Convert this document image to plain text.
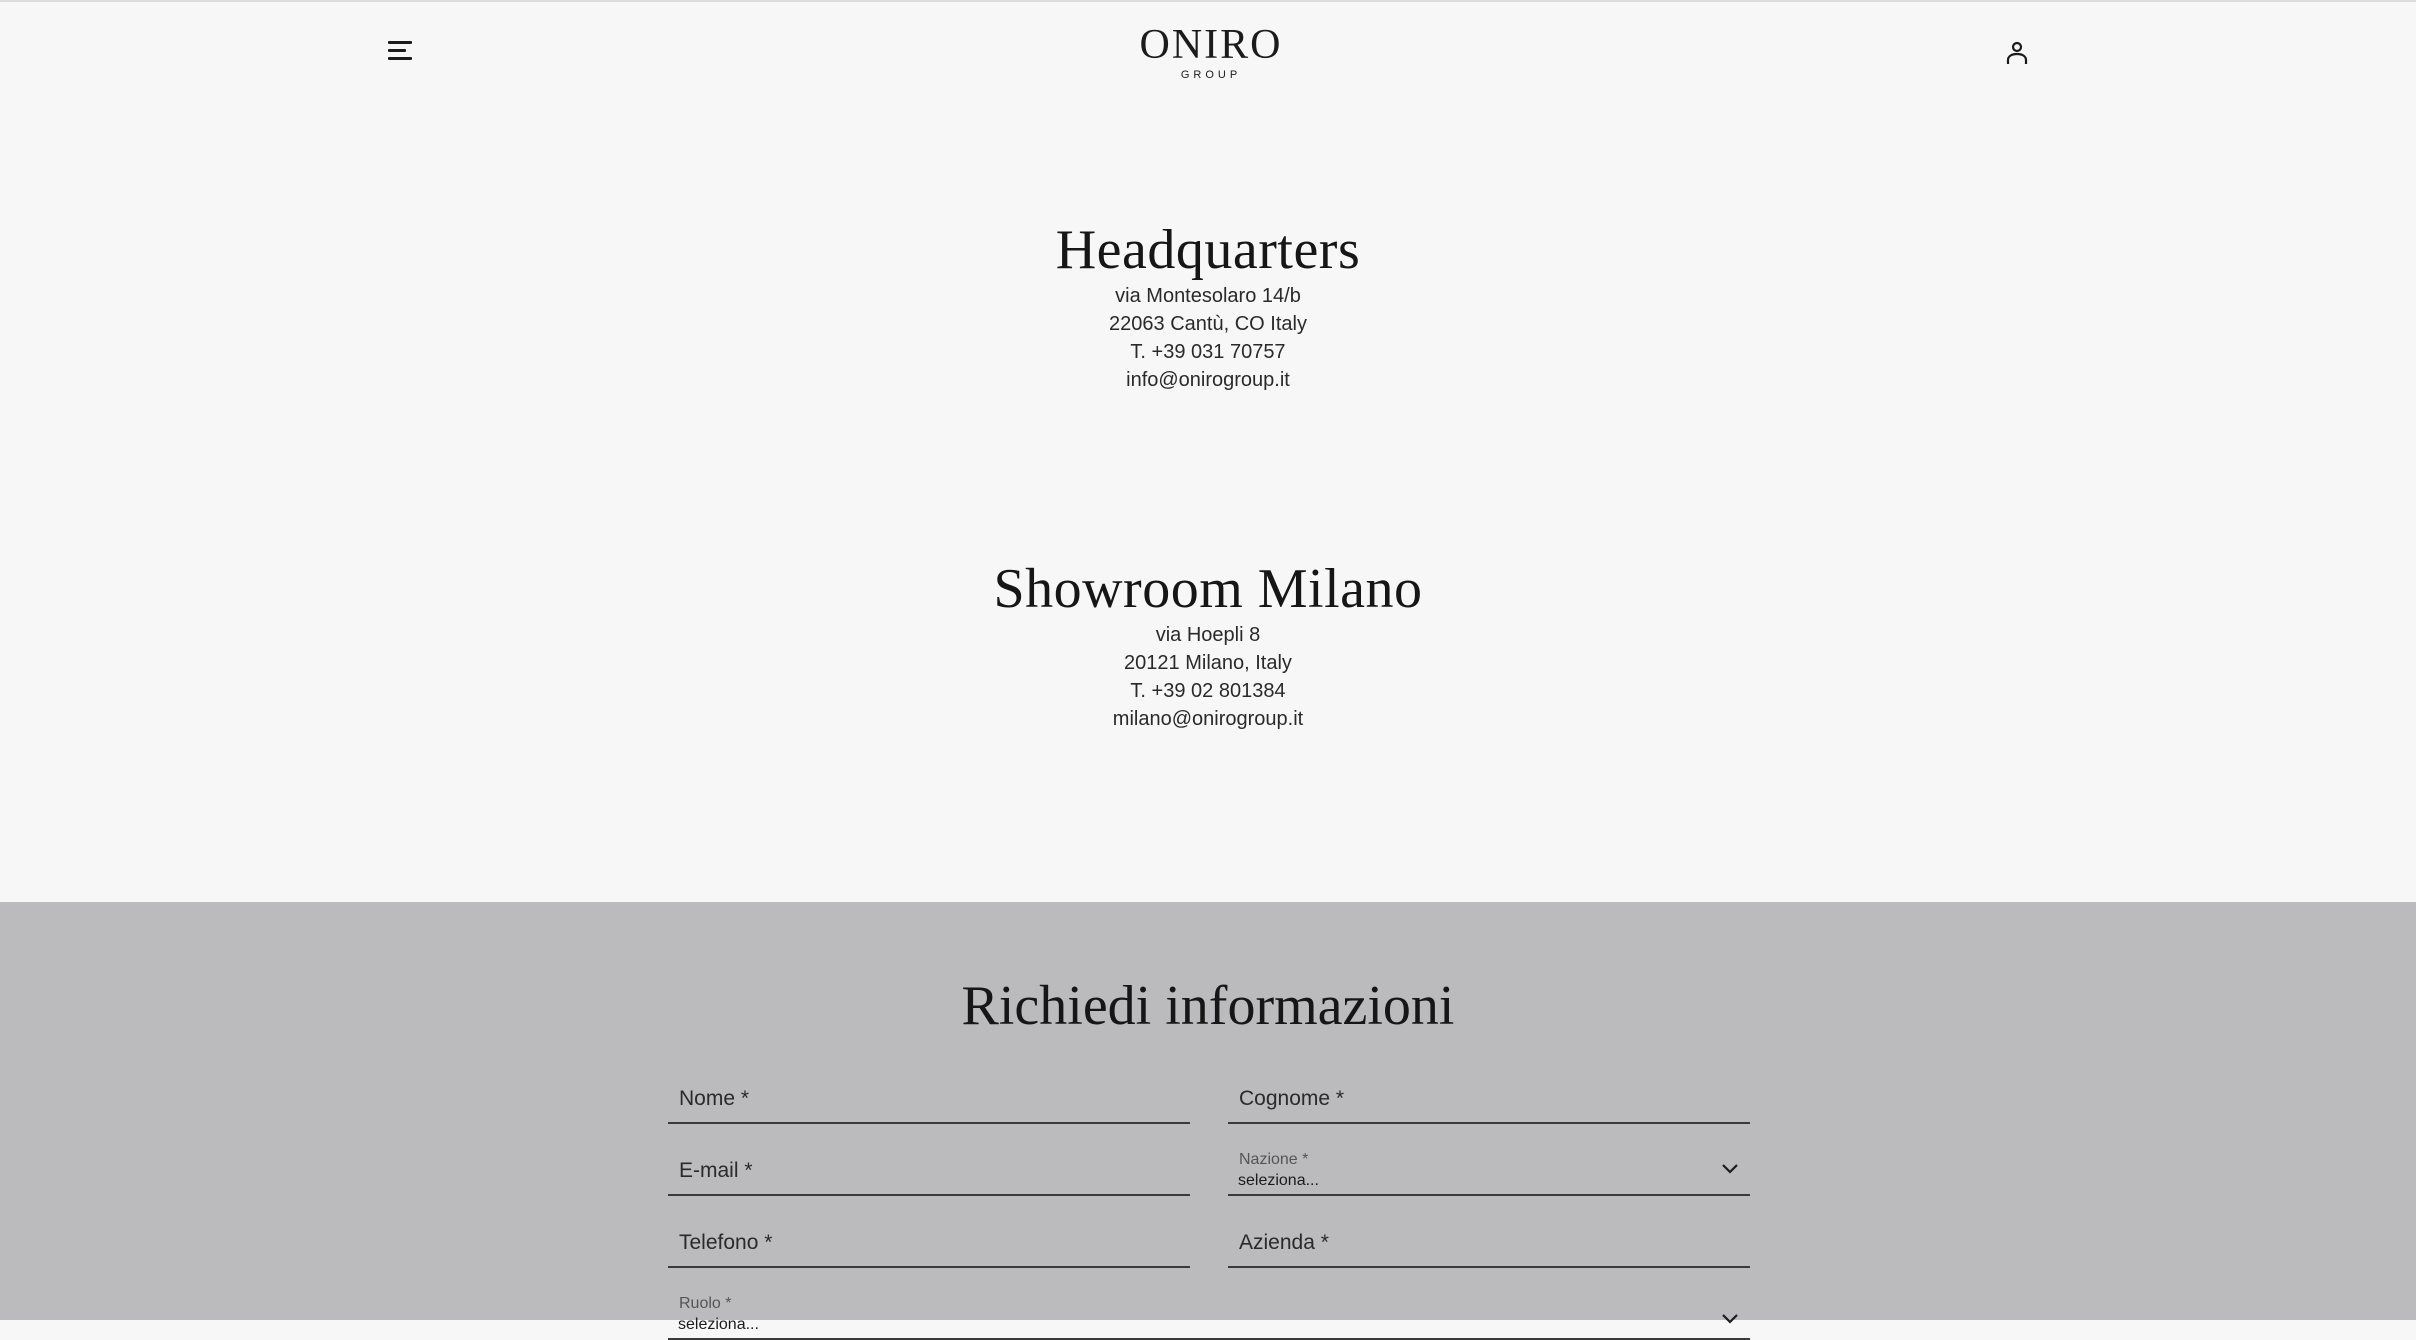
ONIRO
GROUP
Headquarters
via Montesolaro 14/b
22063 Cantù, CO Italy
T. +39 031 70757
info@onirogroup.it
Showroom Milano
via Hoepli 8
20121 Milano, Italy
T. +39 02 801384
milano@onirogroup.it
Richiedi informazioni
Nome *	Cognome *
E-mail *	Nazione *
seleziona...
Telefono *	Azienda *
Ruolo *
seleziona...
